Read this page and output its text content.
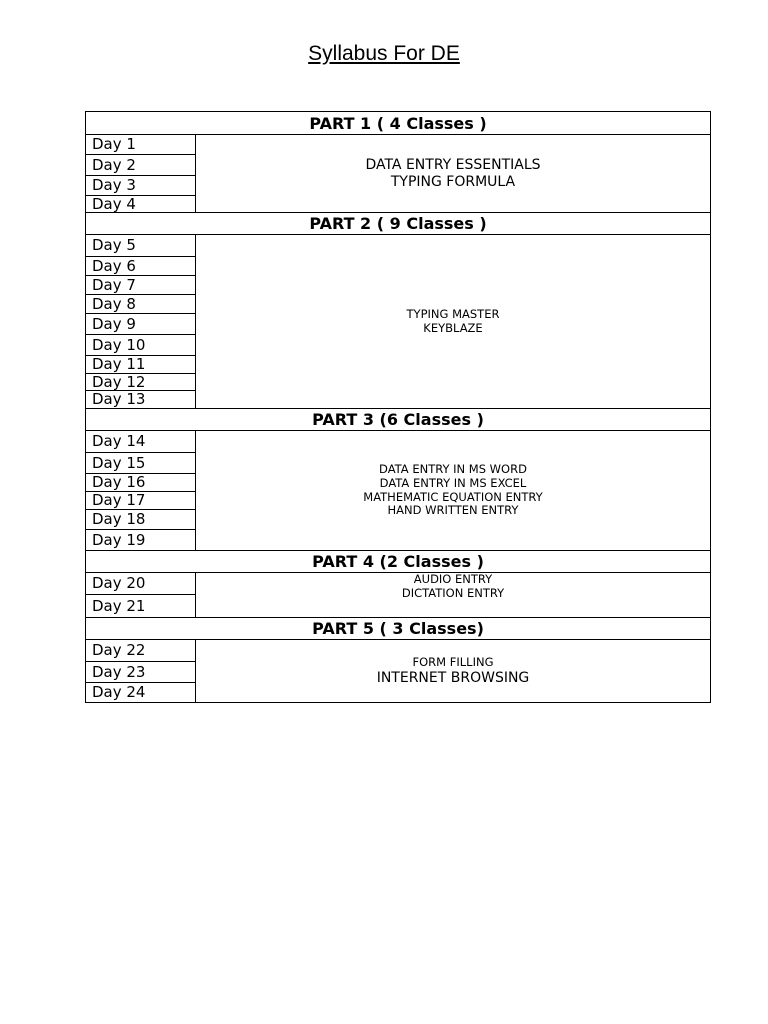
Syllabus For DE
PART 1 ( 4 Classes )
Day 1
Day 2
Day 3
Day 4
DATA ENTRY ESSENTIALS
TYPING FORMULA
PART 2 ( 9 Classes )
Day 5
Day 6
Day 7
Day 8
Day 9
Day 10
Day 11
Day 12
Day 13
TYPING MASTER
KEYBLAZE
PART 3 (6 Classes )
Day 14
Day 15
Day 16
Day 17
Day 18
Day 19
DATA ENTRY IN MS WORD
DATA ENTRY IN MS EXCEL
MATHEMATIC EQUATION ENTRY
HAND WRITTEN ENTRY
PART 4 (2 Classes )
Day 20
Day 21
AUDIO ENTRY
DICTATION ENTRY
PART 5 ( 3 Classes)
Day 22
Day 23
Day 24
FORM FILLING
INTERNET BROWSING
